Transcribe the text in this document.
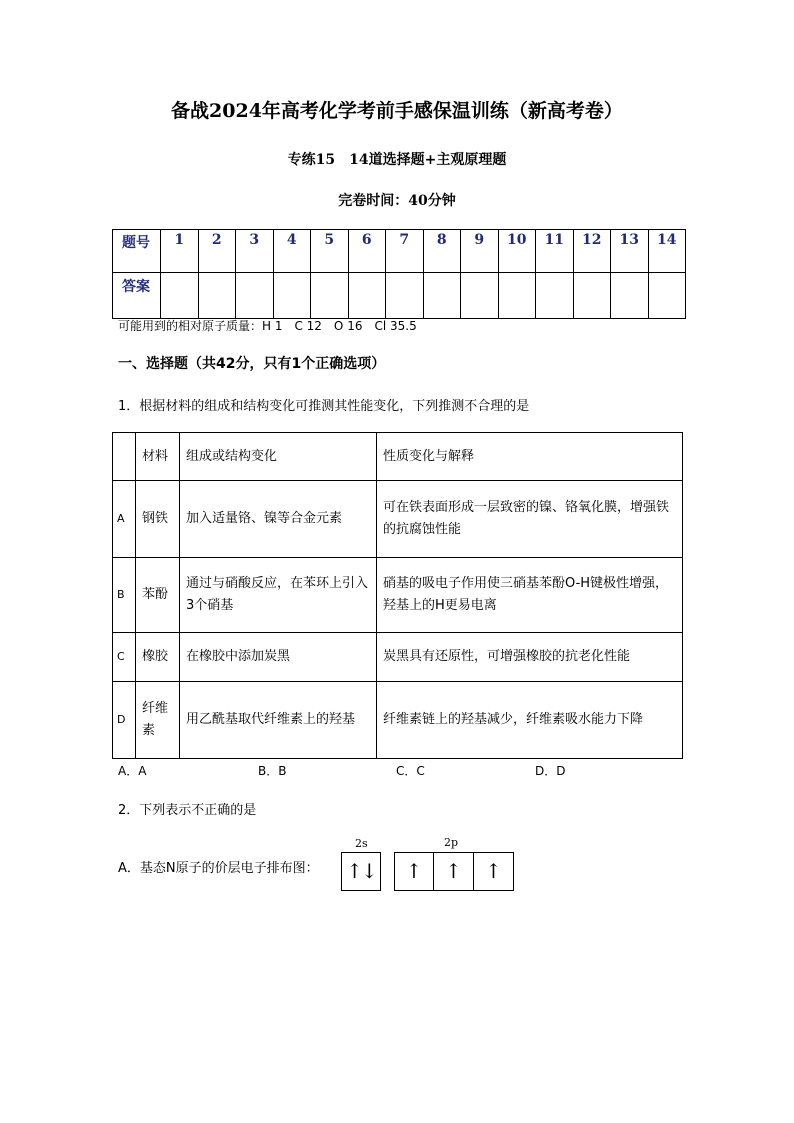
备战2024年高考化学考前手感保温训练（新高考卷）
专练15　14道选择题+主观原理题
完卷时间：40分钟
题号	1	2	3	4	5	6	7	8	9	10	11	12	13	14
答案														
可能用到的相对原子质量：H 1　C 12　O 16　Cl 35.5
一、选择题（共42分，只有1个正确选项）
1．根据材料的组成和结构变化可推测其性能变化，下列推测不合理的是
	材料	组成或结构变化	性质变化与解释
A	钢铁	加入适量铬、镍等合金元素	可在铁表面形成一层致密的镍、铬氧化膜，增强铁的抗腐蚀性能
B	苯酚	通过与硝酸反应，在苯环上引入3个硝基	硝基的吸电子作用使三硝基苯酚O-H键极性增强，羟基上的H更易电离
C	橡胶	在橡胶中添加炭黑	炭黑具有还原性，可增强橡胶的抗老化性能
D	纤维素	用乙酰基取代纤维素上的羟基	纤维素链上的羟基减少，纤维素吸水能力下降
A．A	B．B	C．C	D．D
2．下列表示不正确的是
A．基态N原子的价层电子排布图：
2s	2p
↑↓	↑	↑	↑
